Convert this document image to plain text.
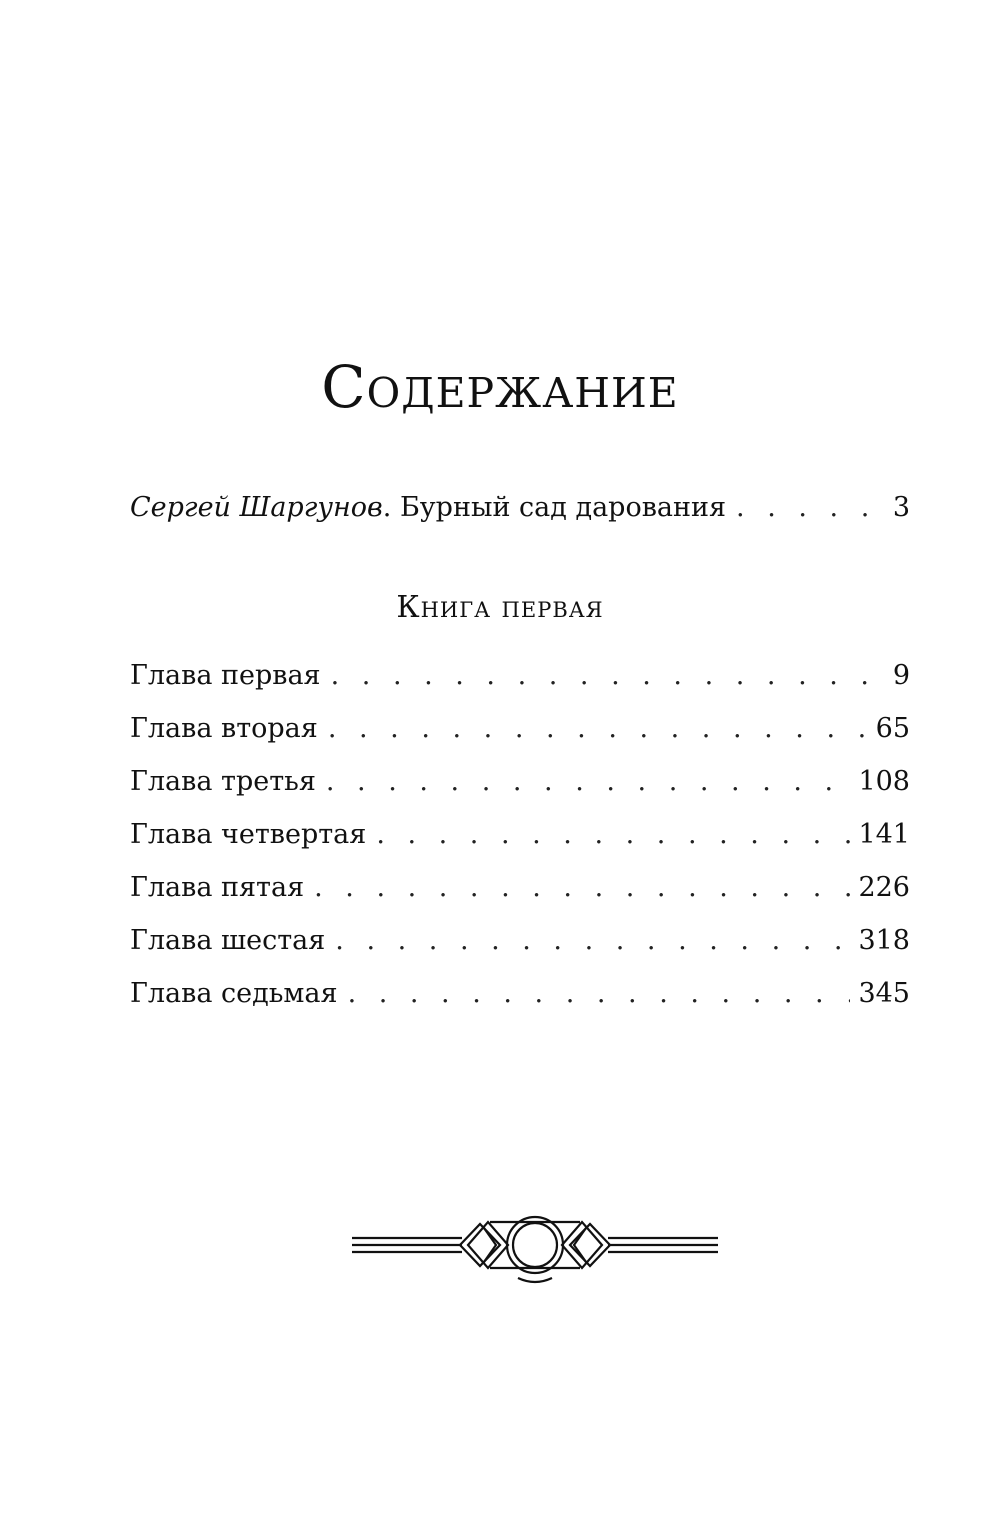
Содержание
Сергей Шаргунов. Бурный сад дарования . . .	3
Книга первая
Глава первая . . .	9
Глава вторая . . .	65
Глава третья . . .	108
Глава четвертая . . .	141
Глава пятая . . .	226
Глава шестая . . .	318
Глава седьмая . . .	345
